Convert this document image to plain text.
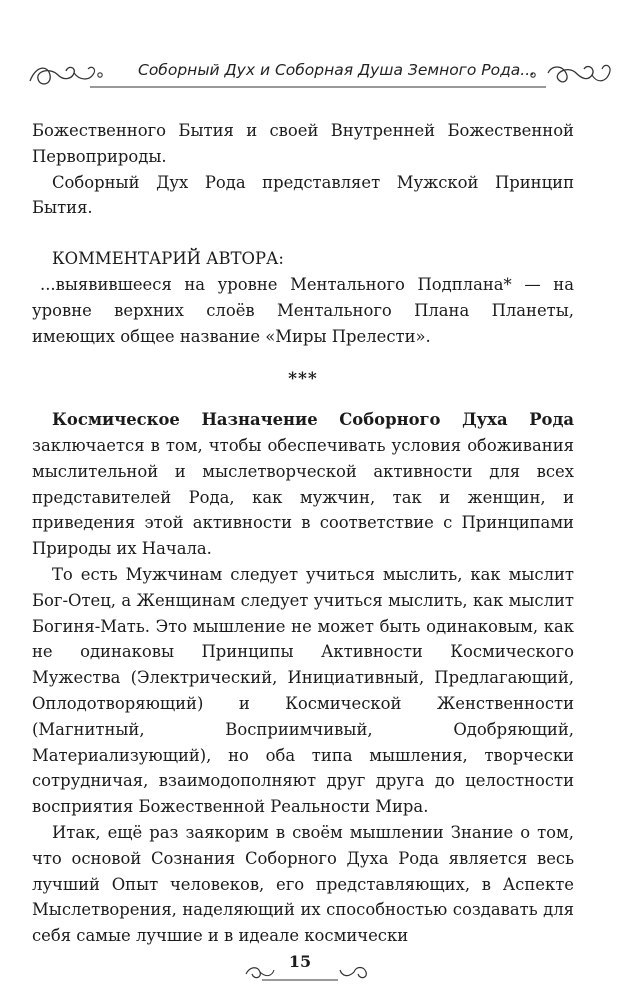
Соборный Дух и Соборная Душа Земного Рода...

Божественного Бытия и своей Внутренней Божественной Первоприроды.

Соборный Дух Рода представляет Мужской Принцип Бытия.

КОММЕНТАРИЙ АВТОРА:

...выявившееся на уровне Ментального Подплана* — на уровне верхних слоёв Ментального Плана Планеты, имеющих общее название «Миры Прелести».

***

Космическое Назначение Соборного Духа Рода заключается в том, чтобы обеспечивать условия обоживания мыслительной и мыслетворческой активности для всех представителей Рода, как мужчин, так и женщин, и приведения этой активности в соответствие с Принципами Природы их Начала.

То есть Мужчинам следует учиться мыслить, как мыслит Бог-Отец, а Женщинам следует учиться мыслить, как мыслит Богиня-Мать. Это мышление не может быть одинаковым, как не одинаковы Принципы Активности Космического Мужества (Электрический, Инициативный, Предлагающий, Оплодотворяющий) и Космической Женственности (Магнитный, Восприимчивый, Одобряющий, Материализующий), но оба типа мышления, творчески сотрудничая, взаимодополняют друг друга до целостности восприятия Божественной Реальности Мира.

Итак, ещё раз заякорим в своём мышлении Знание о том, что основой Сознания Соборного Духа Рода является весь лучший Опыт человеков, его представляющих, в Аспекте Мыслетворения, наделяющий их способностью создавать для себя самые лучшие и в идеале космически

15
